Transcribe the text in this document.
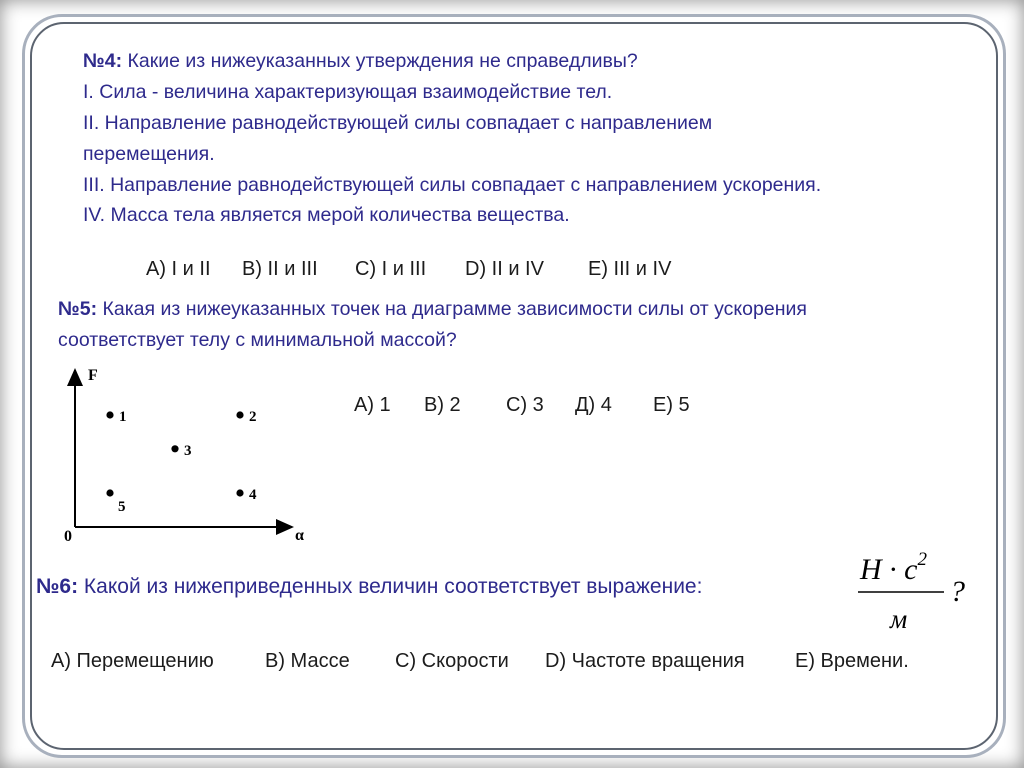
№4: Какие из нижеуказанных утверждения не справедливы?
I. Сила - величина характеризующая взаимодействие тел.
II. Направление равнодействующей силы совпадает с направлением
перемещения.
III. Направление равнодействующей силы совпадает с направлением ускорения.
IV. Масса тела является мерой количества вещества.
A) I и II B) II и III C) I и III D) II и IV E) III и IV
№5: Какая из нижеуказанных точек на диаграмме зависимости силы от ускорения
соответствует телу с минимальной массой?
F
α
0
1	2
3
4
5
A) 1 B) 2 C) 3 Д) 4 E) 5
№6: Какой из нижеприведенных величин соответствует выражение:
$H \cdot c^2$
м
?
A) Перемещению	B) Массе C) Скорости D) Частоте вращения	E) Времени.
